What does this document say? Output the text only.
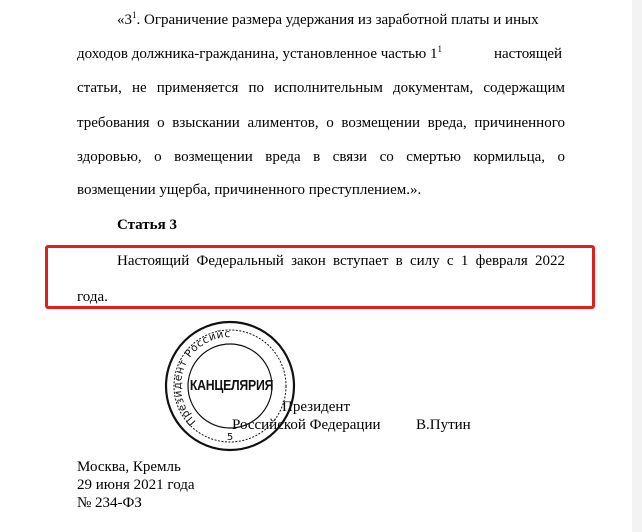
«$3^1$. Ограничение размера удержания из заработной платы и иных
доходов должника-гражданина, установленное частью $1^1$	настоящей
статьи, не применяется по исполнительным документам, содержащим
требования о взыскании алиментов, о возмещении вреда, причиненного
здоровью, о возмещении вреда в связи со смертью кормильца, о
возмещении ущерба, причиненного преступлением.».
Статья 3
Настоящий Федеральный закон вступает в силу с 1 февраля 2022
года.
Президент
Российской Федерации В.Путин
Президент Российс
5
КАНЦЕЛЯРИЯ
Москва, Кремль
29 июня 2021 года
№ 234-ФЗ
